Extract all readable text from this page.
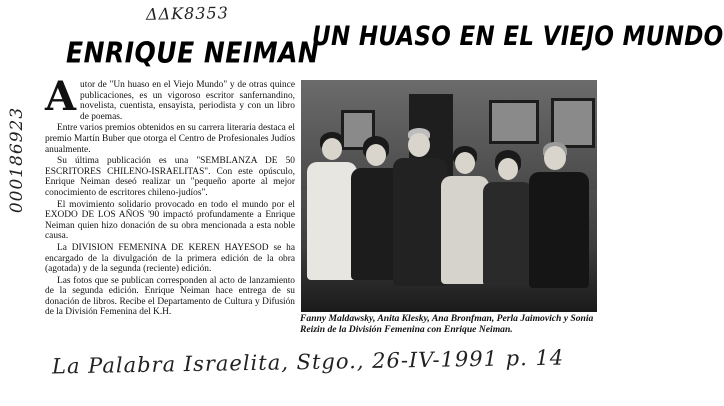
ΔΔK8353
000186923
ENRIQUE NEIMAN
UN HUASO EN EL VIEJO MUNDO

Autor de "Un huaso en el Viejo Mundo" y de otras quince publicaciones, es un vigoroso escritor sanfernandino, novelista, cuentista, ensayista, periodista y con un libro de poemas.

Entre varios premios obtenidos en su carrera literaria destaca el premio Martín Buber que otorga el Centro de Profesionales Judíos anualmente.

Su última publicación es una "SEMBLANZA DE 50 ESCRITORES CHILENO-ISRAELITAS". Con este opúsculo, Enrique Neiman deseó realizar un "pequeño aporte al mejor conocimiento de escritores chileno-judíos".

El movimiento solidario provocado en todo el mundo por el EXODO DE LOS AÑOS '90 impactó profundamente a Enrique Neiman quien hizo donación de su obra mencionada a esta noble causa.

La DIVISION FEMENINA DE KEREN HAYESOD se ha encargado de la divulgación de la primera edición de la obra (agotada) y de la segunda (reciente) edición.

Las fotos que se publican corresponden al acto de lanzamiento de la segunda edición. Enrique Neiman hace entrega de su donación de libros. Recibe el Departamento de Cultura y Difusión de la División Femenina del K.H.

Fanny Maldawsky, Anita Klesky, Ana Bronfman, Perla Jaimovich y Sonia Reizin de la División Femenina con Enrique Neiman.
La Palabra Israelita, Stgo., 26-IV-1991 p. 14
